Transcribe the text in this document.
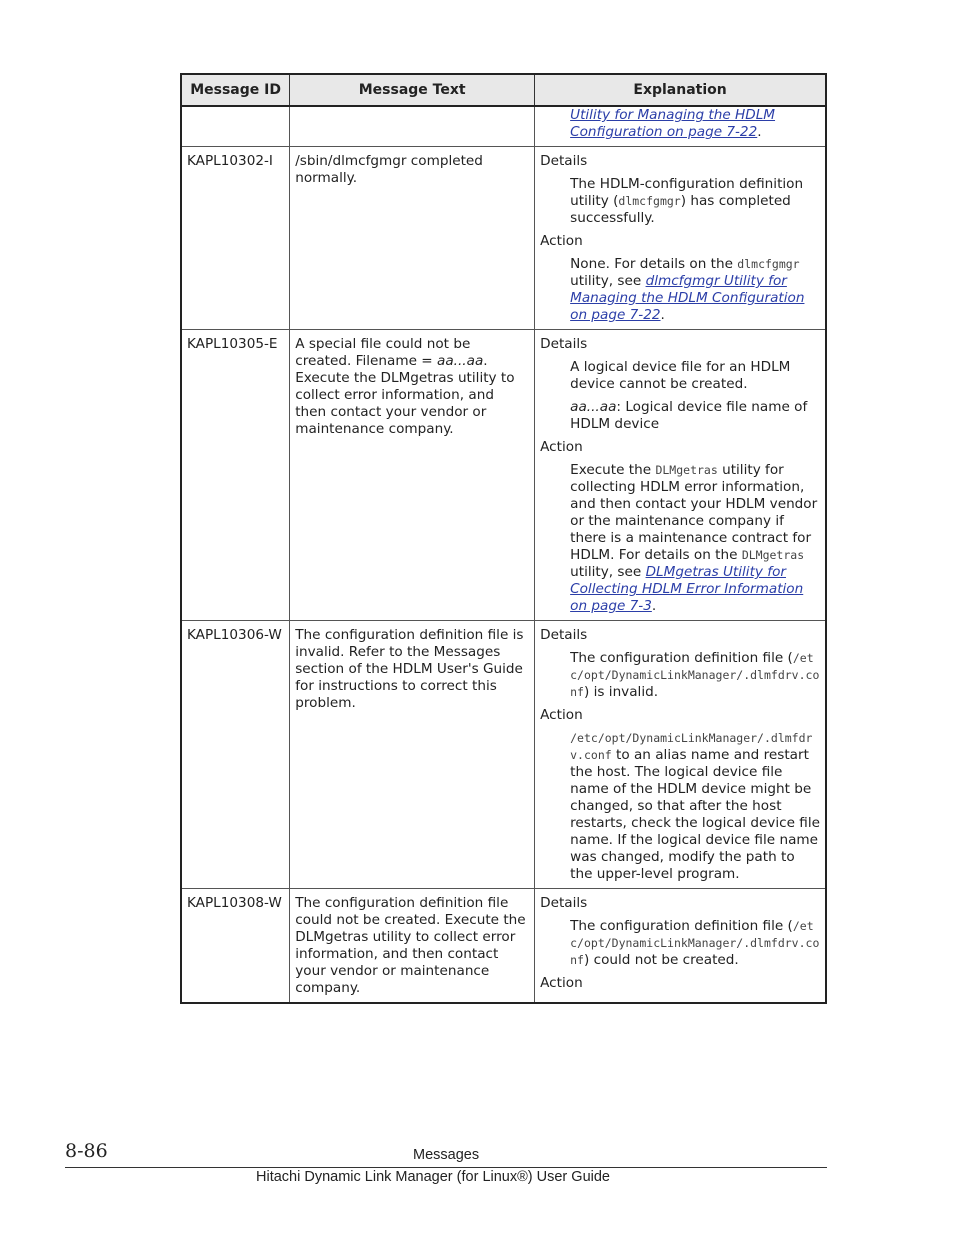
Message ID	Message Text	Explanation

		Utility for Managing the HDLM Configuration on page 7-22.

KAPL10302-I	/sbin/dlmcfgmgr completed normally.	Details

The HDLM-configuration definition utility (dlmcfgmgr) has completed successfully.

Action

None. For details on the dlmcfgmgr utility, see dlmcfgmgr Utility for Managing the HDLM Configuration on page 7-22.

KAPL10305-E	A special file could not be created. Filename = aa...aa. Execute the DLMgetras utility to collect error information, and then contact your vendor or maintenance company.	Details

A logical device file for an HDLM device cannot be created.

aa...aa: Logical device file name of HDLM device

Action

Execute the DLMgetras utility for collecting HDLM error information, and then contact your HDLM vendor or the maintenance company if there is a maintenance contract for HDLM. For details on the DLMgetras utility, see DLMgetras Utility for Collecting HDLM Error Information on page 7-3.

KAPL10306-W	The configuration definition file is invalid. Refer to the Messages section of the HDLM User's Guide for instructions to correct this problem.	Details

The configuration definition file (/etc/opt/DynamicLinkManager/.dlmfdrv.conf) is invalid.

Action

/etc/opt/DynamicLinkManager/.dlmfdrv.conf to an alias name and restart the host. The logical device file name of the HDLM device might be changed, so that after the host restarts, check the logical device file name. If the logical device file name was changed, modify the path to the upper-level program.

KAPL10308-W	The configuration definition file could not be created. Execute the DLMgetras utility to collect error information, and then contact your vendor or maintenance company.	Details

The configuration definition file (/etc/opt/DynamicLinkManager/.dlmfdrv.conf) could not be created.

Action

8-86	Messages
Hitachi Dynamic Link Manager (for Linux®) User Guide
